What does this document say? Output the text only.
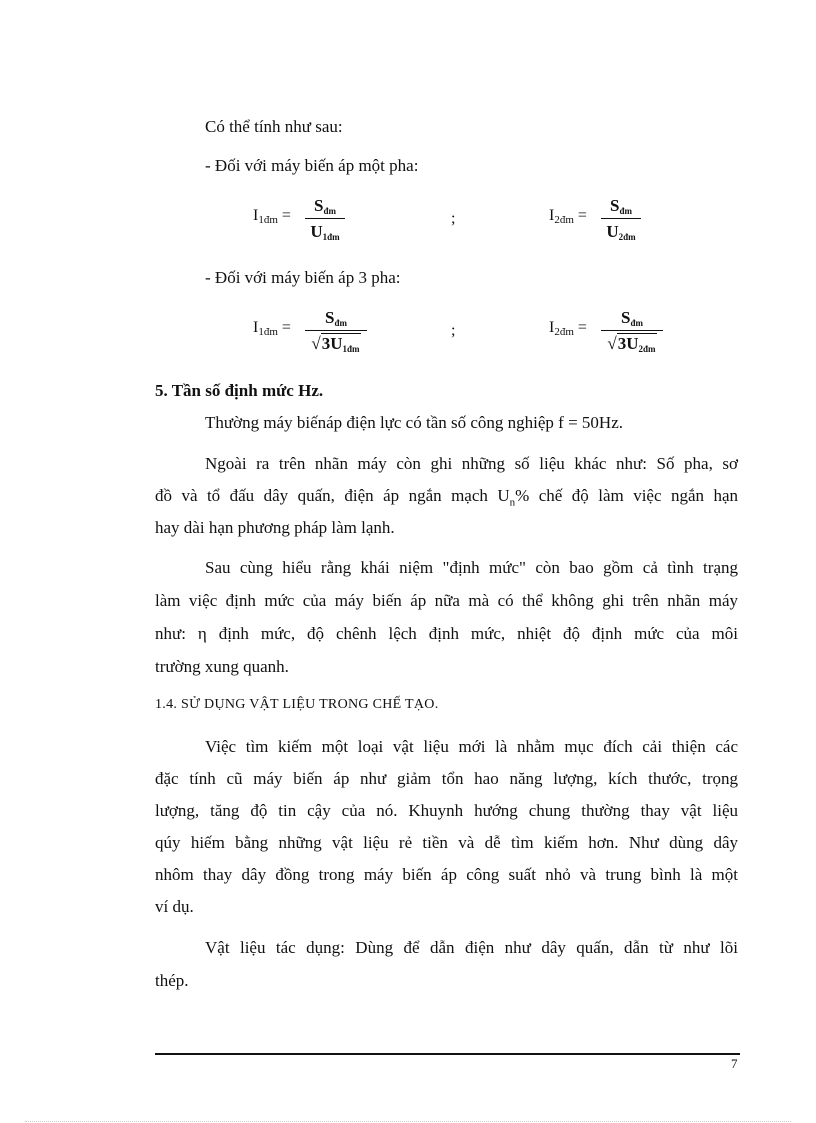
Có thể tính như sau:
- Đối với máy biến áp một pha:
$I_{1đm}$ =
$S_{đm}$
$U_{1đm}$
;	$I_{2đm}$ =
$S_{đm}$
$U_{2đm}$
- Đối với máy biến áp 3 pha:
$I_{1đm}$ =
$S_{đm}$
$√3U_{1đm}$
;	$I_{2đm}$ =
$S_{đm}$
$√3U_{2đm}$
5. Tần số định mức Hz.
Thường máy biếnáp điện lực có tần số công nghiệp f = 50Hz.
Ngoài ra trên nhãn máy còn ghi những số liệu khác như: Số pha, sơ
đồ và tổ đấu dây quấn, điện áp ngắn mạch $U_n\%$ chế độ làm việc ngắn hạn
hay dài hạn phương pháp làm lạnh.
Sau cùng hiểu rằng khái niệm "định mức" còn bao gồm cả tình trạng
làm việc định mức của máy biến áp nữa mà có thể không ghi trên nhãn máy
như: η định mức, độ chênh lệch định mức, nhiệt độ định mức của môi
trường xung quanh.
1.4. SỬ DỤNG VẬT LIỆU TRONG CHẾ TẠO.
Việc tìm kiếm một loại vật liệu mới là nhằm mục đích cải thiện các
đặc tính cũ máy biến áp như giảm tổn hao năng lượng, kích thước, trọng
lượng, tăng độ tin cậy của nó. Khuynh hướng chung thường thay vật liệu
qúy hiếm bằng những vật liệu rẻ tiền và dễ tìm kiếm hơn. Như dùng dây
nhôm thay dây đồng trong máy biến áp công suất nhỏ và trung bình là một
ví dụ.
Vật liệu tác dụng: Dùng để dẫn điện như dây quấn, dẫn từ như lõi
thép.
7
